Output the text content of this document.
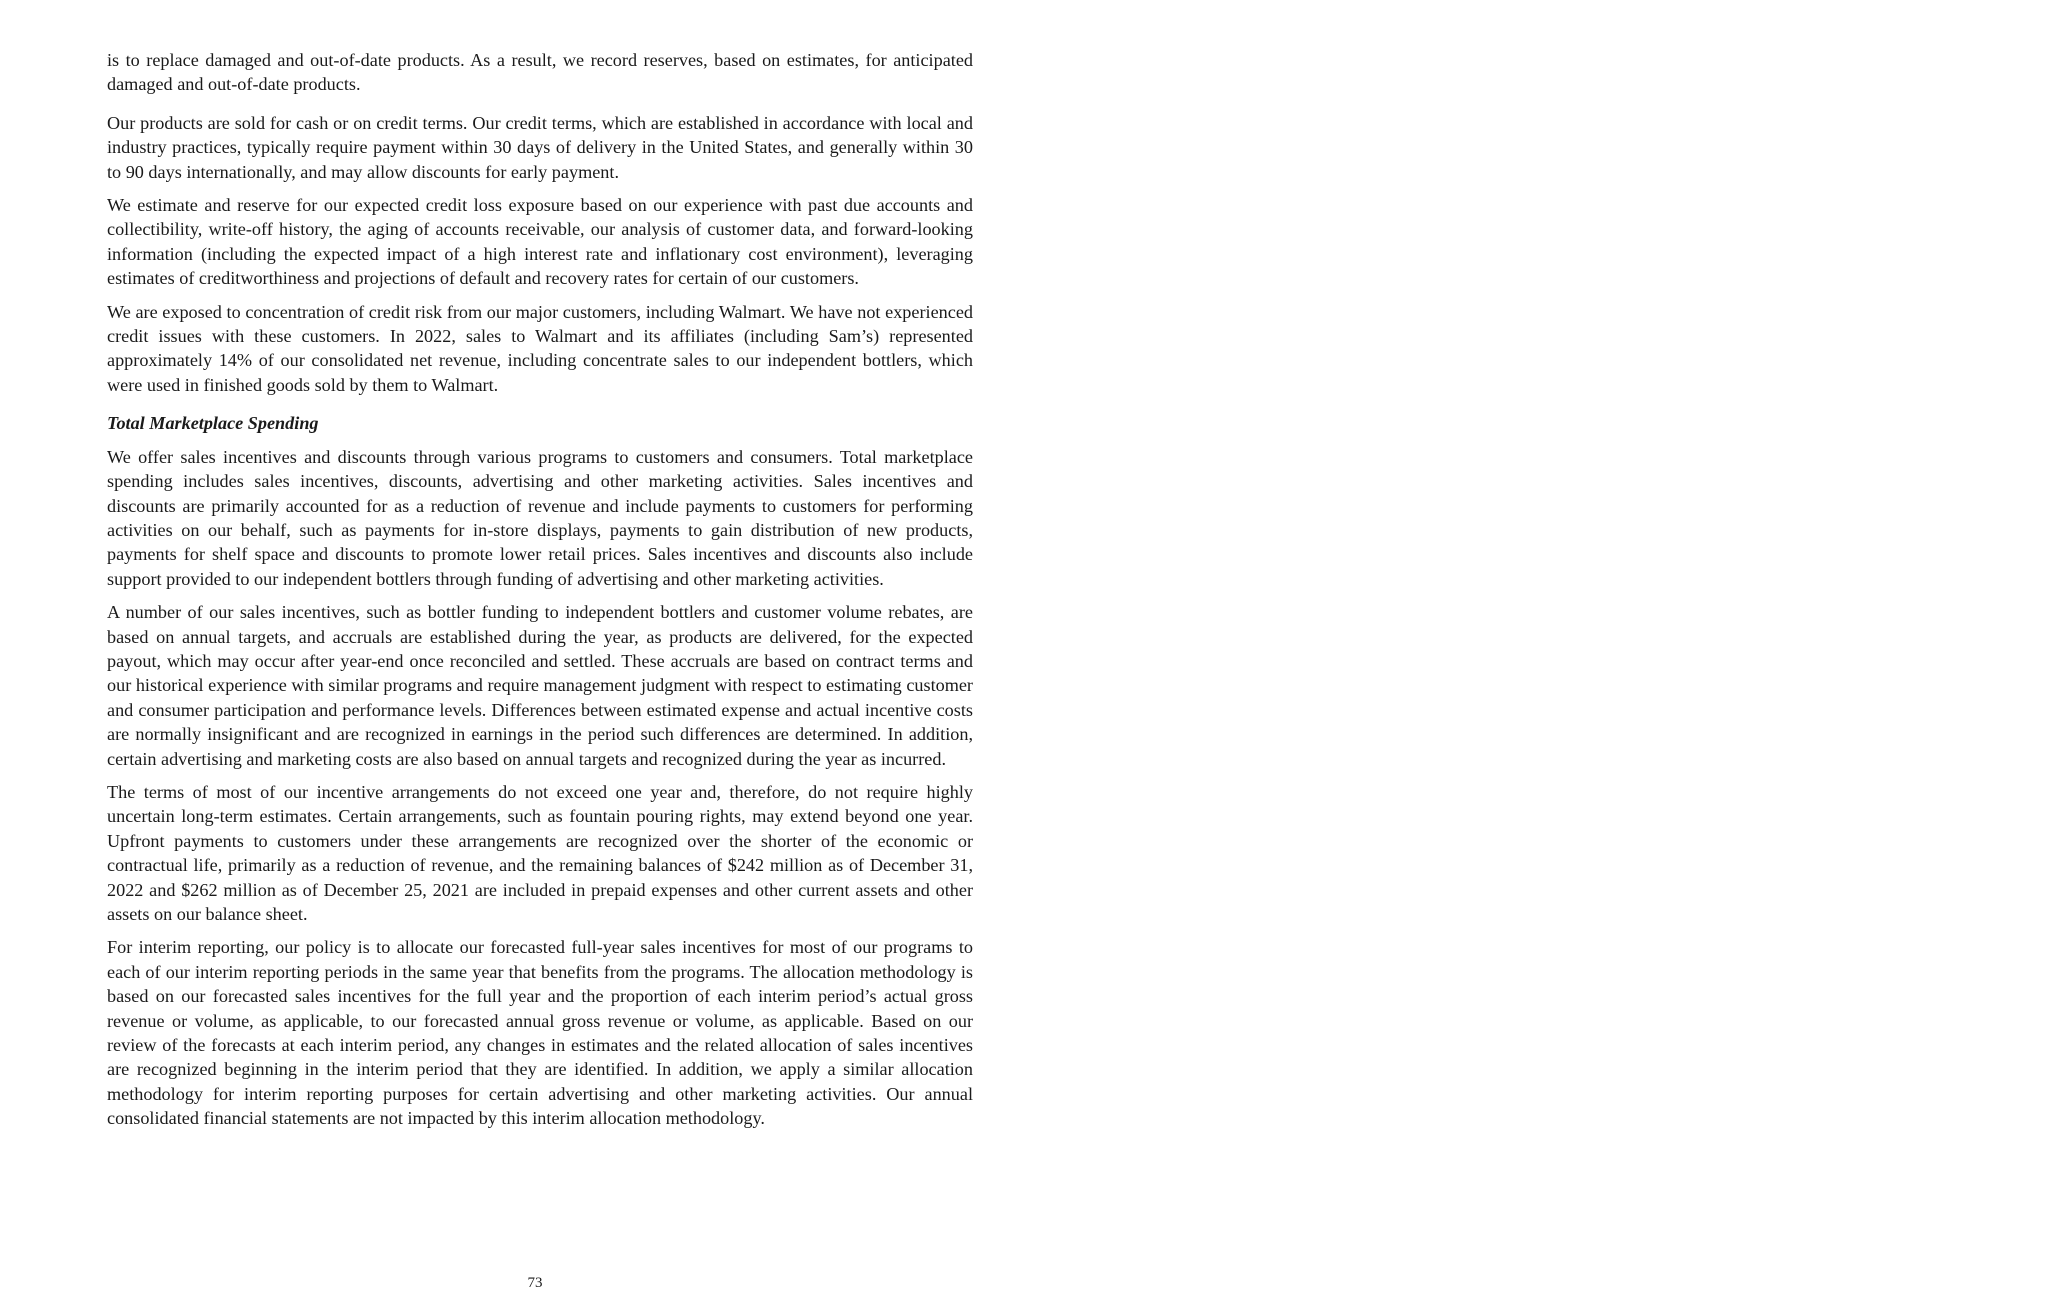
is to replace damaged and out-of-date products. As a result, we record reserves, based on estimates, for anticipated damaged and out-of-date products.

Our products are sold for cash or on credit terms. Our credit terms, which are established in accordance with local and industry practices, typically require payment within 30 days of delivery in the United States, and generally within 30 to 90 days internationally, and may allow discounts for early payment.

We estimate and reserve for our expected credit loss exposure based on our experience with past due accounts and collectibility, write-off history, the aging of accounts receivable, our analysis of customer data, and forward-looking information (including the expected impact of a high interest rate and inflationary cost environment), leveraging estimates of creditworthiness and projections of default and recovery rates for certain of our customers.

We are exposed to concentration of credit risk from our major customers, including Walmart. We have not experienced credit issues with these customers. In 2022, sales to Walmart and its affiliates (including Sam’s) represented approximately 14% of our consolidated net revenue, including concentrate sales to our independent bottlers, which were used in finished goods sold by them to Walmart.

Total Marketplace Spending

We offer sales incentives and discounts through various programs to customers and consumers. Total marketplace spending includes sales incentives, discounts, advertising and other marketing activities. Sales incentives and discounts are primarily accounted for as a reduction of revenue and include payments to customers for performing activities on our behalf, such as payments for in-store displays, payments to gain distribution of new products, payments for shelf space and discounts to promote lower retail prices. Sales incentives and discounts also include support provided to our independent bottlers through funding of advertising and other marketing activities.

A number of our sales incentives, such as bottler funding to independent bottlers and customer volume rebates, are based on annual targets, and accruals are established during the year, as products are delivered, for the expected payout, which may occur after year-end once reconciled and settled. These accruals are based on contract terms and our historical experience with similar programs and require management judgment with respect to estimating customer and consumer participation and performance levels. Differences between estimated expense and actual incentive costs are normally insignificant and are recognized in earnings in the period such differences are determined. In addition, certain advertising and marketing costs are also based on annual targets and recognized during the year as incurred.

The terms of most of our incentive arrangements do not exceed one year and, therefore, do not require highly uncertain long-term estimates. Certain arrangements, such as fountain pouring rights, may extend beyond one year. Upfront payments to customers under these arrangements are recognized over the shorter of the economic or contractual life, primarily as a reduction of revenue, and the remaining balances of $242 million as of December 31, 2022 and $262 million as of December 25, 2021 are included in prepaid expenses and other current assets and other assets on our balance sheet.

For interim reporting, our policy is to allocate our forecasted full-year sales incentives for most of our programs to each of our interim reporting periods in the same year that benefits from the programs. The allocation methodology is based on our forecasted sales incentives for the full year and the proportion of each interim period’s actual gross revenue or volume, as applicable, to our forecasted annual gross revenue or volume, as applicable. Based on our review of the forecasts at each interim period, any changes in estimates and the related allocation of sales incentives are recognized beginning in the interim period that they are identified. In addition, we apply a similar allocation methodology for interim reporting purposes for certain advertising and other marketing activities. Our annual consolidated financial statements are not impacted by this interim allocation methodology.

73
